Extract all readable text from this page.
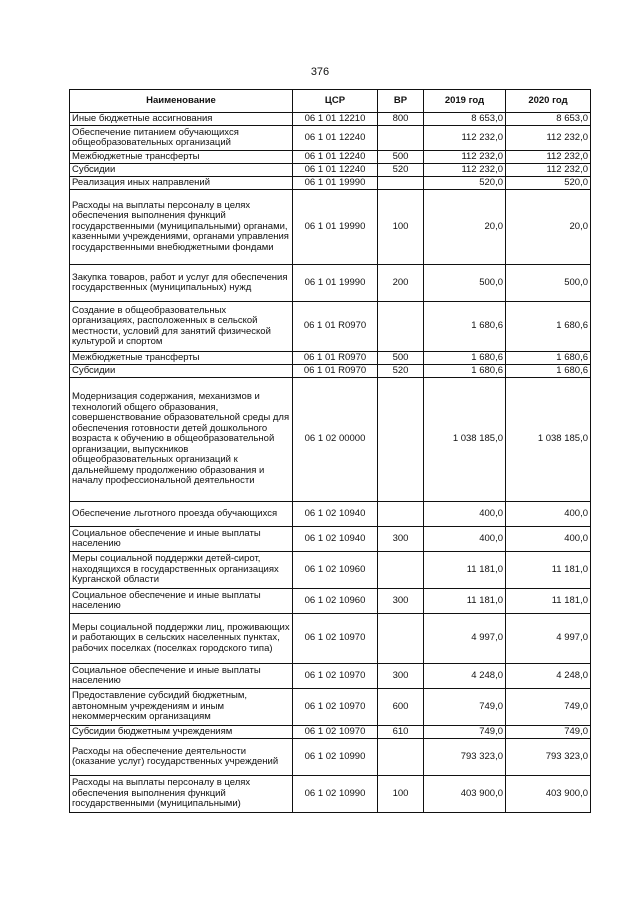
376
Наименование	ЦСР	ВР	2019 год	2020 год
Иные бюджетные ассигнования	06 1 01 12210	800	8 653,0	8 653,0
Обеспечение питанием обучающихся общеобразовательных организаций	06 1 01 12240		112 232,0	112 232,0
Межбюджетные трансферты	06 1 01 12240	500	112 232,0	112 232,0
Субсидии	06 1 01 12240	520	112 232,0	112 232,0
Реализация иных направлений	06 1 01 19990		520,0	520,0
Расходы на выплаты персоналу в целях обеспечения выполнения функций государственными (муниципальными) органами, казенными учреждениями, органами управления государственными внебюджетными фондами	06 1 01 19990	100	20,0	20,0
Закупка товаров, работ и услуг для обеспечения государственных (муниципальных) нужд	06 1 01 19990	200	500,0	500,0
Создание в общеобразовательных организациях, расположенных в сельской местности, условий для занятий физической культурой и спортом	06 1 01 R0970		1 680,6	1 680,6
Межбюджетные трансферты	06 1 01 R0970	500	1 680,6	1 680,6
Субсидии	06 1 01 R0970	520	1 680,6	1 680,6
Модернизация содержания, механизмов и технологий общего образования, совершенствование образовательной среды для обеспечения готовности детей дошкольного возраста к обучению в общеобразовательной организации, выпускников общеобразовательных организаций к дальнейшему продолжению образования и началу профессиональной деятельности	06 1 02 00000		1 038 185,0	1 038 185,0
Обеспечение льготного проезда обучающихся	06 1 02 10940		400,0	400,0
Социальное обеспечение и иные выплаты населению	06 1 02 10940	300	400,0	400,0
Меры социальной поддержки детей-сирот, находящихся в государственных организациях Курганской области	06 1 02 10960		11 181,0	11 181,0
Социальное обеспечение и иные выплаты населению	06 1 02 10960	300	11 181,0	11 181,0
Меры социальной поддержки лиц, проживающих и работающих в сельских населенных пунктах, рабочих поселках (поселках городского типа)	06 1 02 10970		4 997,0	4 997,0
Социальное обеспечение и иные выплаты населению	06 1 02 10970	300	4 248,0	4 248,0
Предоставление субсидий бюджетным, автономным учреждениям и иным некоммерческим организациям	06 1 02 10970	600	749,0	749,0
Субсидии бюджетным учреждениям	06 1 02 10970	610	749,0	749,0
Расходы на обеспечение деятельности (оказание услуг) государственных учреждений	06 1 02 10990		793 323,0	793 323,0
Расходы на выплаты персоналу в целях обеспечения выполнения функций государственными (муниципальными)	06 1 02 10990	100	403 900,0	403 900,0
